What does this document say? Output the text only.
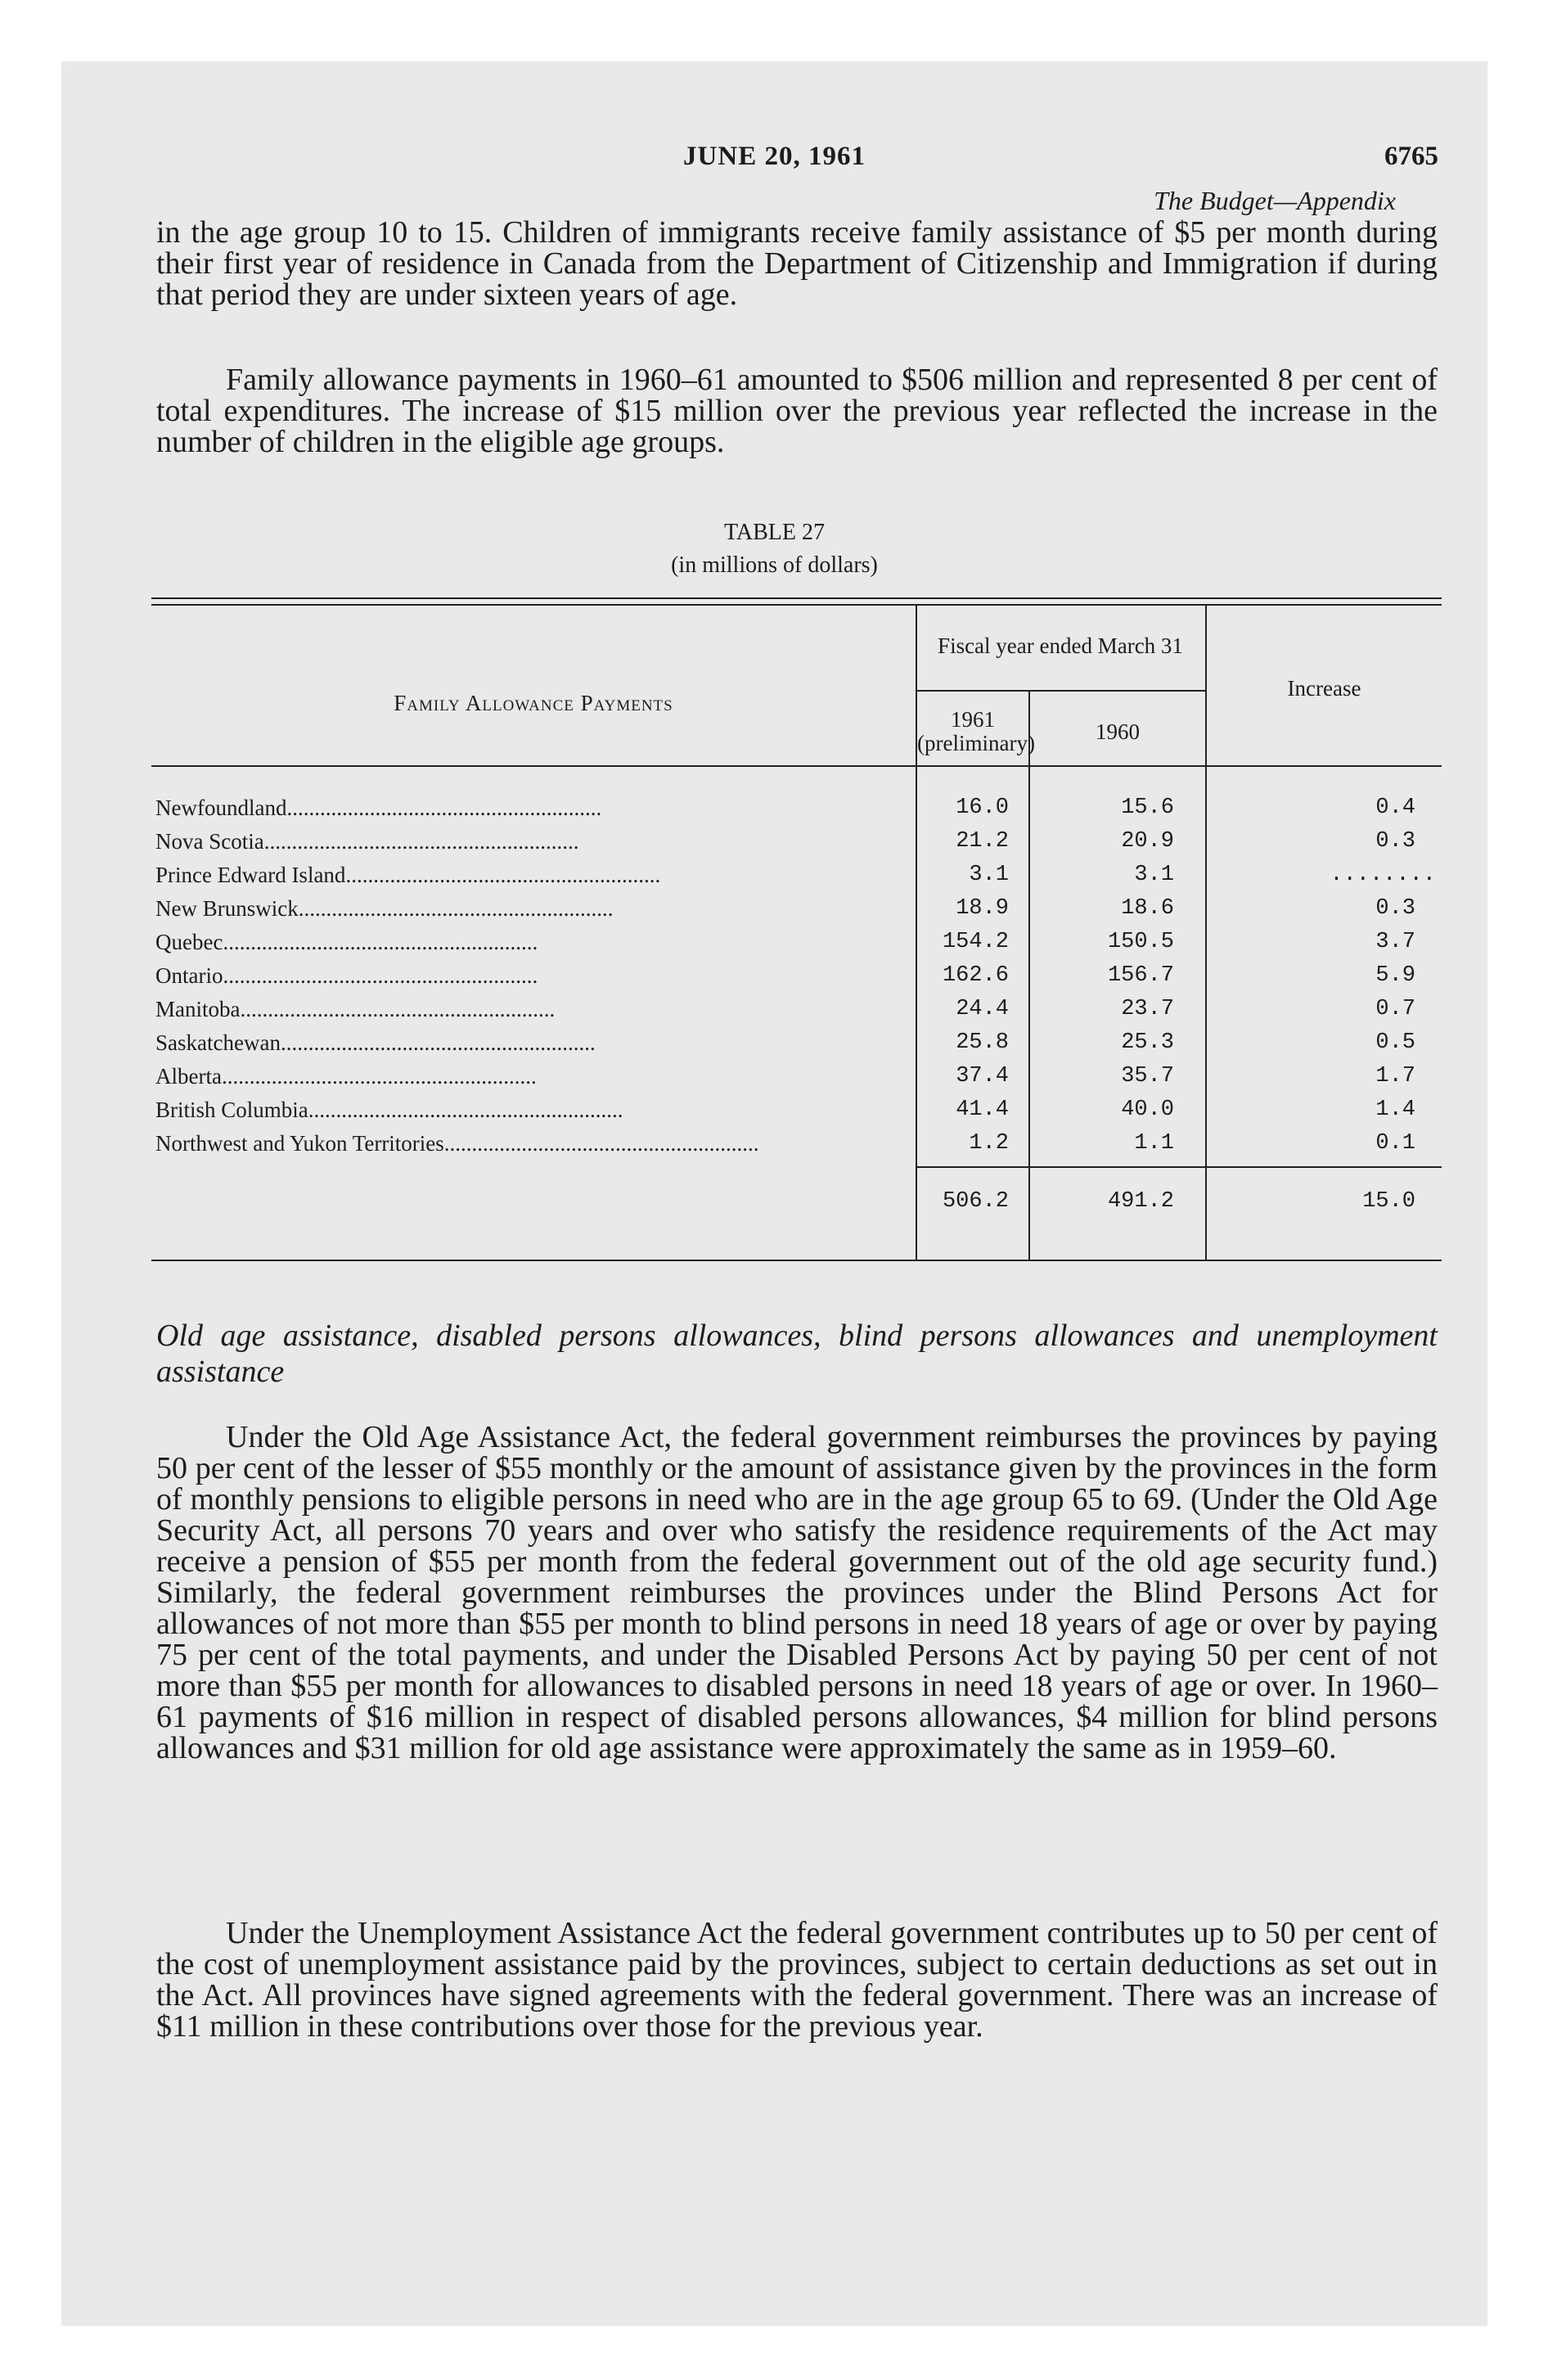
JUNE 20, 1961	6765
The Budget—Appendix
in the age group 10 to 15. Children of immigrants receive family assistance of $5 per month during their first year of residence in Canada from the Department of Citizenship and Immigration if during that period they are under sixteen years of age.
Family allowance payments in 1960–61 amounted to $506 million and represented 8 per cent of total expenditures. The increase of $15 million over the previous year reflected the increase in the number of children in the eligible age groups.
TABLE 27
(in millions of dollars)
Family Allowance Payments
Fiscal year ended March 31
1961 (preliminary)	1960
Increase
Newfoundland.........................................................	16.0	15.6	0.4
Nova Scotia.........................................................	21.2	20.9	0.3
Prince Edward Island.........................................................	3.1	3.1	........
New Brunswick.........................................................	18.9	18.6	0.3
Quebec.........................................................	154.2	150.5	3.7
Ontario.........................................................	162.6	156.7	5.9
Manitoba.........................................................	24.4	23.7	0.7
Saskatchewan.........................................................	25.8	25.3	0.5
Alberta.........................................................	37.4	35.7	1.7
British Columbia.........................................................	41.4	40.0	1.4
Northwest and Yukon Territories.........................................................	1.2	1.1	0.1
506.2	491.2	15.0
Old age assistance, disabled persons allowances, blind persons allowances and unemployment assistance
Under the Old Age Assistance Act, the federal government reimburses the provinces by paying 50 per cent of the lesser of $55 monthly or the amount of assistance given by the provinces in the form of monthly pensions to eligible persons in need who are in the age group 65 to 69. (Under the Old Age Security Act, all persons 70 years and over who satisfy the residence requirements of the Act may receive a pension of $55 per month from the federal government out of the old age security fund.) Similarly, the federal government reimburses the provinces under the Blind Persons Act for allowances of not more than $55 per month to blind persons in need 18 years of age or over by paying 75 per cent of the total payments, and under the Disabled Persons Act by paying 50 per cent of not more than $55 per month for allowances to disabled persons in need 18 years of age or over. In 1960–61 payments of $16 million in respect of disabled persons allowances, $4 million for blind persons allowances and $31 million for old age assistance were approximately the same as in 1959–60.
Under the Unemployment Assistance Act the federal government contributes up to 50 per cent of the cost of unemployment assistance paid by the provinces, subject to certain deductions as set out in the Act. All provinces have signed agreements with the federal government. There was an increase of $11 million in these contributions over those for the previous year.
